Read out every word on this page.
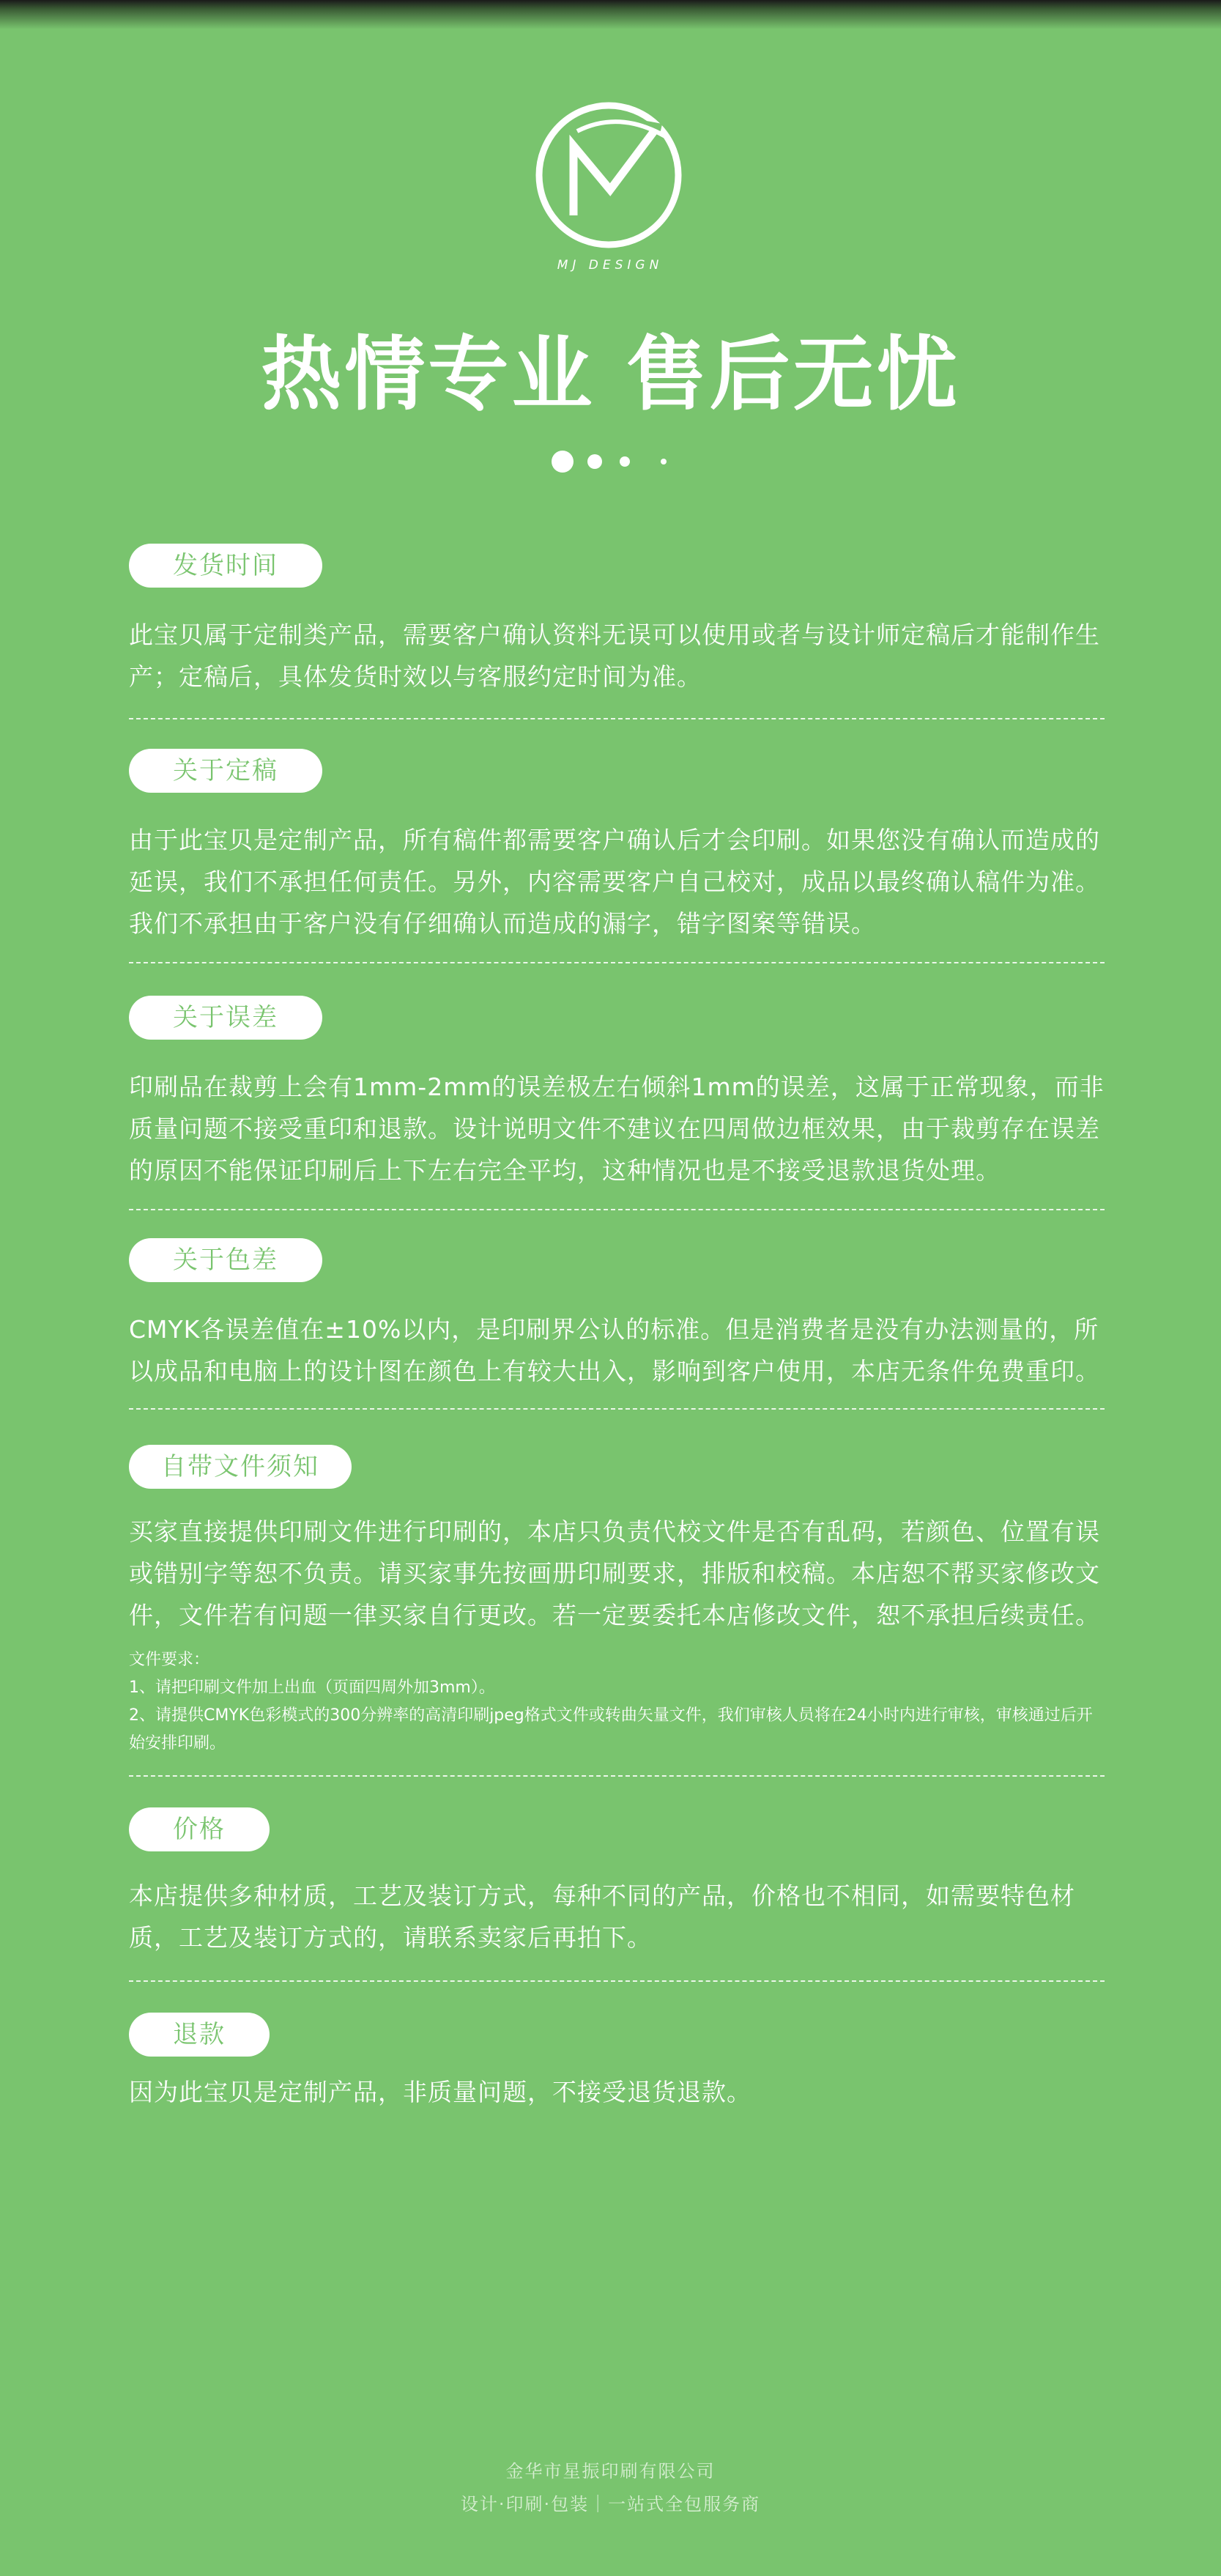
MJ DESIGN
热情专业 售后无忧
发货时间
此宝贝属于定制类产品，需要客户确认资料无误可以使用或者与设计师定稿后才能制作生产；定稿后，具体发货时效以与客服约定时间为准。
关于定稿
由于此宝贝是定制产品，所有稿件都需要客户确认后才会印刷。如果您没有确认而造成的延误，我们不承担任何责任。另外，内容需要客户自己校对，成品以最终确认稿件为准。我们不承担由于客户没有仔细确认而造成的漏字，错字图案等错误。
关于误差
印刷品在裁剪上会有1mm-2mm的误差极左右倾斜1mm的误差，这属于正常现象，而非质量问题不接受重印和退款。设计说明文件不建议在四周做边框效果，由于裁剪存在误差的原因不能保证印刷后上下左右完全平均，这种情况也是不接受退款退货处理。
关于色差
CMYK各误差值在±10%以内，是印刷界公认的标准。但是消费者是没有办法测量的，所以成品和电脑上的设计图在颜色上有较大出入，影响到客户使用，本店无条件免费重印。
自带文件须知
买家直接提供印刷文件进行印刷的，本店只负责代校文件是否有乱码，若颜色、位置有误或错别字等恕不负责。请买家事先按画册印刷要求，排版和校稿。本店恕不帮买家修改文件，文件若有问题一律买家自行更改。若一定要委托本店修改文件，恕不承担后续责任。
文件要求：
1、请把印刷文件加上出血（页面四周外加3mm）。
2、请提供CMYK色彩模式的300分辨率的高清印刷jpeg格式文件或转曲矢量文件，我们审核人员将在24小时内进行审核，审核通过后开始安排印刷。
价格
本店提供多种材质，工艺及装订方式，每种不同的产品，价格也不相同，如需要特色材质，工艺及装订方式的，请联系卖家后再拍下。
退款
因为此宝贝是定制产品，非质量问题，不接受退货退款。
金华市星振印刷有限公司
设计·印刷·包装｜一站式全包服务商
